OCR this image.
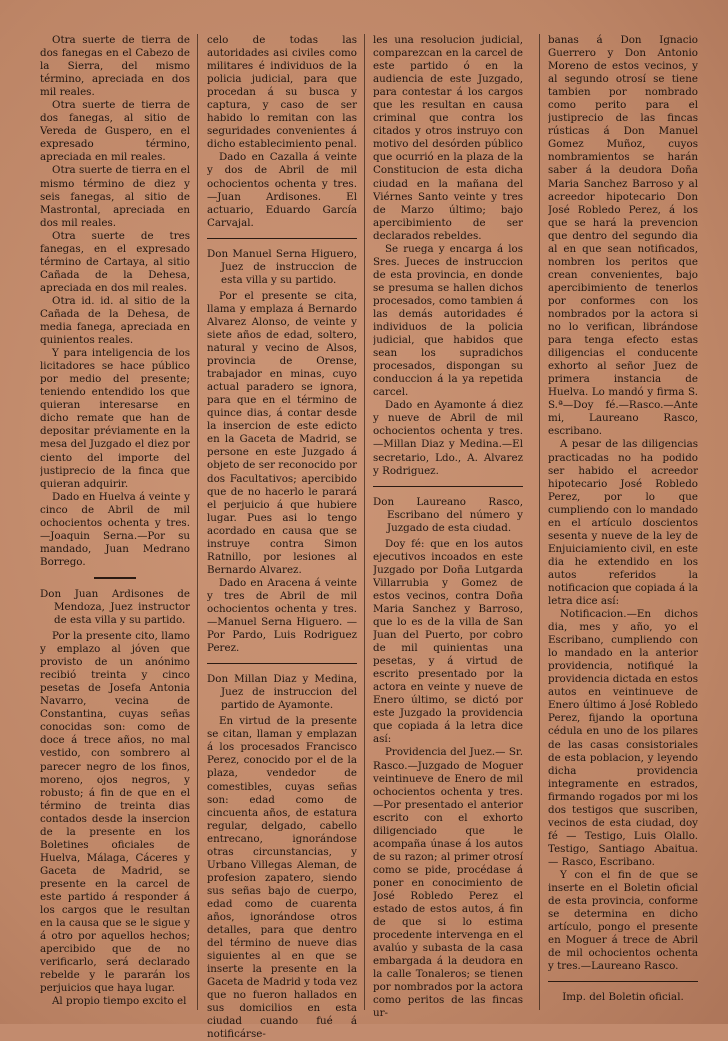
Otra suerte de tierra de dos fanegas en el Cabezo de la Sierra, del mismo término, apreciada en dos mil reales.

Otra suerte de tierra de dos fanegas, al sitio de Vereda de Guspero, en el expresado término, apreciada en mil reales.

Otra suerte de tierra en el mismo término de diez y seis fanegas, al sitio de Mastrontal, apreciada en dos mil reales.

Otra suerte de tres fanegas, en el expresado término de Cartaya, al sitio Cañada de la Dehesa, apreciada en dos mil reales.

Otra id. id. al sitio de la Cañada de la Dehesa, de media fanega, apreciada en quinientos reales.

Y para inteligencia de los licitadores se hace público por medio del presente; teniendo entendido los que quieran interesarse en dicho remate que han de depositar préviamente en la mesa del Juzgado el diez por ciento del importe del justiprecio de la finca que quieran adquirir.

Dado en Huelva á veinte y cinco de Abril de mil ochocientos ochenta y tres.—Joaquin Serna.—Por su mandado, Juan Medrano Borrego.

Don Juan Ardisones de Mendoza, Juez instructor de esta villa y su partido.

Por la presente cito, llamo y emplazo al jóven que provisto de un anónimo recibió treinta y cinco pesetas de Josefa Antonia Navarro, vecina de Constantina, cuyas señas conocidas son: como de doce á trece años, no mal vestido, con sombrero al parecer negro de los finos, moreno, ojos negros, y robusto; á fin de que en el término de treinta dias contados desde la insercion de la presente en los Boletines oficiales de Huelva, Málaga, Cáceres y Gaceta de Madrid, se presente en la carcel de este partido á responder á los cargos que le resultan en la causa que se le sigue y á otro por aquellos hechos; apercibido que de no verificarlo, será declarado rebelde y le pararán los perjuicios que haya lugar.

Al propio tiempo excito el

celo de todas las autoridades asi civiles como militares é individuos de la policia judicial, para que procedan á su busca y captura, y caso de ser habido lo remitan con las seguridades convenientes á dicho establecimiento penal.

Dado en Cazalla á veinte y dos de Abril de mil ochocientos ochenta y tres.—Juan Ardisones. El actuario, Eduardo García Carvajal.

Don Manuel Serna Higuero, Juez de instruccion de esta villa y su partido.

Por el presente se cita, llama y emplaza á Bernardo Alvarez Alonso, de veinte y siete años de edad, soltero, natural y vecino de Alsos, provincia de Orense, trabajador en minas, cuyo actual paradero se ignora, para que en el término de quince dias, á contar desde la insercion de este edicto en la Gaceta de Madrid, se persone en este Juzgado á objeto de ser reconocido por dos Facultativos; apercibido que de no hacerlo le parará el perjuicio á que hubiere lugar. Pues asi lo tengo acordado en causa que se instruye contra Simon Ratnillo, por lesiones al Bernardo Alvarez.

Dado en Aracena á veinte y tres de Abril de mil ochocientos ochenta y tres.—Manuel Serna Higuero. — Por Pardo, Luis Rodriguez Perez.

Don Millan Diaz y Medina, Juez de instruccion del partido de Ayamonte.

En virtud de la presente se citan, llaman y emplazan á los procesados Francisco Perez, conocido por el de la plaza, vendedor de comestibles, cuyas señas son: edad como de cincuenta años, de estatura regular, delgado, cabello entrecano, ignorándose otras circunstancias, y Urbano Villegas Aleman, de profesion zapatero, siendo sus señas bajo de cuerpo, edad como de cuarenta años, ignorándose otros detalles, para que dentro del término de nueve dias siguientes al en que se inserte la presente en la Gaceta de Madrid y toda vez que no fueron hallados en sus domicilios en esta ciudad cuando fué á notificárse-

les una resolucion judicial, comparezcan en la carcel de este partido ó en la audiencia de este Juzgado, para contestar á los cargos que les resultan en causa criminal que contra los citados y otros instruyo con motivo del desórden público que ocurrió en la plaza de la Constitucion de esta dicha ciudad en la mañana del Viérnes Santo veinte y tres de Marzo último; bajo apercibimiento de ser declarados rebeldes.

Se ruega y encarga á los Sres. Jueces de instruccion de esta provincia, en donde se presuma se hallen dichos procesados, como tambien á las demás autoridades é individuos de la policia judicial, que habidos que sean los supradichos procesados, dispongan su conduccion á la ya repetida carcel.

Dado en Ayamonte á diez y nueve de Abril de mil ochocientos ochenta y tres.—Millan Diaz y Medina.—El secretario, Ldo., A. Alvarez y Rodriguez.

Don Laureano Rasco, Escribano del número y Juzgado de esta ciudad.

Doy fé: que en los autos ejecutivos incoados en este Juzgado por Doña Lutgarda Villarrubia y Gomez de estos vecinos, contra Doña Maria Sanchez y Barroso, que lo es de la villa de San Juan del Puerto, por cobro de mil quinientas una pesetas, y á virtud de escrito presentado por la actora en veinte y nueve de Enero último, se dictó por este Juzgado la providencia que copiada á la letra dice así:

Providencia del Juez.— Sr. Rasco.—Juzgado de Moguer veintinueve de Enero de mil ochocientos ochenta y tres.—Por presentado el anterior escrito con el exhorto diligenciado que le acompaña únase á los autos de su razon; al primer otrosí como se pide, procédase á poner en conocimiento de José Robledo Perez el estado de estos autos, á fin de que si lo estima procedente intervenga en el avalúo y subasta de la casa embargada á la deudora en la calle Tonaleros; se tienen por nombrados por la actora como peritos de las fincas ur-

banas á Don Ignacio Guerrero y Don Antonio Moreno de estos vecinos, y al segundo otrosí se tiene tambien por nombrado como perito para el justiprecio de las fincas rústicas á Don Manuel Gomez Muñoz, cuyos nombramientos se harán saber á la deudora Doña Maria Sanchez Barroso y al acreedor hipotecario Don José Robledo Perez, á los que se hará la prevencion que dentro del segundo dia al en que sean notificados, nombren los peritos que crean convenientes, bajo apercibimiento de tenerlos por conformes con los nombrados por la actora si no lo verifican, librándose para tenga efecto estas diligencias el conducente exhorto al señor Juez de primera instancia de Huelva. Lo mandó y firma S. S.ª—Doy fé.—Rasco.—Ante mi, Laureano Rasco, escribano.

A pesar de las diligencias practicadas no ha podido ser habido el acreedor hipotecario José Robledo Perez, por lo que cumpliendo con lo mandado en el artículo doscientos sesenta y nueve de la ley de Enjuiciamiento civil, en este dia he extendido en los autos referidos la notificacion que copiada á la letra dice así:

Notificacion.—En dichos dia, mes y año, yo el Escribano, cumpliendo con lo mandado en la anterior providencia, notifiqué la providencia dictada en estos autos en veintinueve de Enero último á José Robledo Perez, fijando la oportuna cédula en uno de los pilares de las casas consistoriales de esta poblacion, y leyendo dicha providencia integramente en estrados, firmando rogados por mi los dos testigos que suscriben, vecinos de esta ciudad, doy fé — Testigo, Luis Olallo. Testigo, Santiago Abaitua. — Rasco, Escribano.

Y con el fin de que se inserte en el Boletin oficial de esta provincia, conforme se determina en dicho artículo, pongo el presente en Moguer á trece de Abril de mil ochocientos ochenta y tres.—Laureano Rasco.

Imp. del Boletin oficial.
